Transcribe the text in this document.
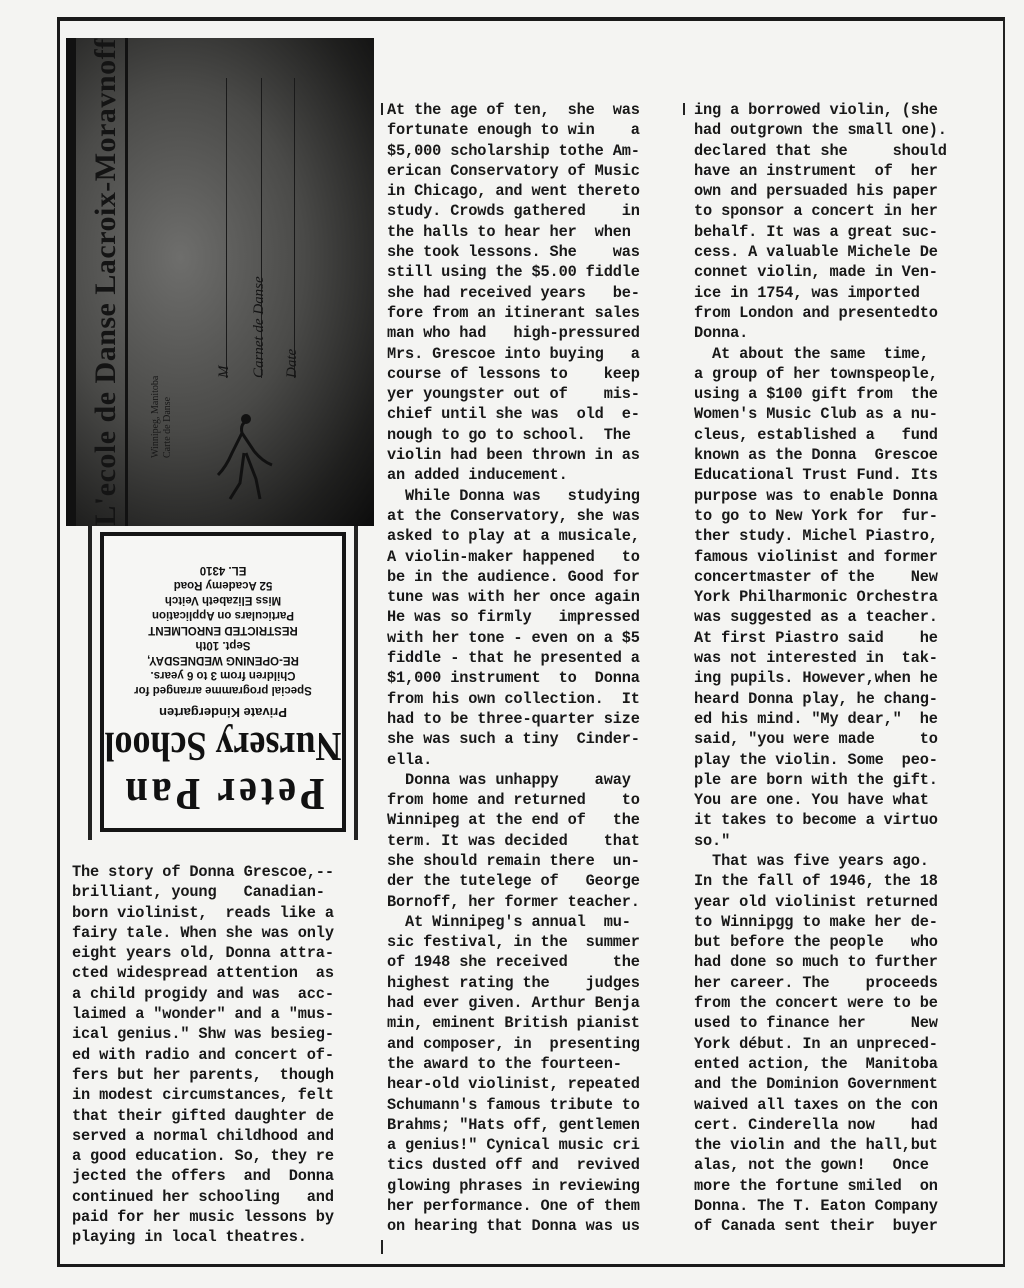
L'ecole de Danse Lacroix-Moravnoff	Winnipeg, Manitoba Carte de Danse
M Carnet de Danse Date
Peter Pan
Nursery School
Private Kindergarten
Special programme arranged for
Children from 3 to 6 years.
RE-OPENING WEDNESDAY,
Sept. 10th
RESTRICTED ENROLMENT
Particulars on Application
Miss Elizabeth Veitch
52 Academy Road
EL. 4310
The story of Donna Grescoe,--
brilliant, young   Canadian-
born violinist,  reads like a
fairy tale. When she was only
eight years old, Donna attra-
cted widespread attention  as
a child progidy and was  acc-
laimed a "wonder" and a "mus-
ical genius." Shw was besieg-
ed with radio and concert of-
fers but her parents,  though
in modest circumstances, felt
that their gifted daughter de
served a normal childhood and
a good education. So, they re
jected the offers  and  Donna
continued her schooling   and
paid for her music lessons by
playing in local theatres.
At the age of ten,  she  was
fortunate enough to win    a
$5,000 scholarship tothe Am-
erican Conservatory of Music
in Chicago, and went thereto
study. Crowds gathered    in
the halls to hear her  when
she took lessons. She    was
still using the $5.00 fiddle
she had received years   be-
fore from an itinerant sales
man who had   high-pressured
Mrs. Grescoe into buying   a
course of lessons to    keep
yer youngster out of    mis-
chief until she was  old  e-
nough to go to school.  The
violin had been thrown in as
an added inducement.
While Donna was   studying
at the Conservatory, she was
asked to play at a musicale,
A violin-maker happened   to
be in the audience. Good for
tune was with her once again
He was so firmly   impressed
with her tone - even on a $5
fiddle - that he presented a
$1,000 instrument  to  Donna
from his own collection.  It
had to be three-quarter size
she was such a tiny  Cinder-
ella.
Donna was unhappy    away
from home and returned    to
Winnipeg at the end of   the
term. It was decided    that
she should remain there  un-
der the tutelege of   George
Bornoff, her former teacher.
At Winnipeg's annual  mu-
sic festival, in the  summer
of 1948 she received     the
highest rating the    judges
had ever given. Arthur Benja
min, eminent British pianist
and composer, in  presenting
the award to the fourteen-
hear-old violinist, repeated
Schumann's famous tribute to
Brahms; "Hats off, gentlemen
a genius!" Cynical music cri
tics dusted off and  revived
glowing phrases in reviewing
her performance. One of them
on hearing that Donna was us
ing a borrowed violin, (she
had outgrown the small one).
declared that she     should
have an instrument  of  her
own and persuaded his paper
to sponsor a concert in her
behalf. It was a great suc-
cess. A valuable Michele De
connet violin, made in Ven-
ice in 1754, was imported
from London and presentedto
Donna.
At about the same  time,
a group of her townspeople,
using a $100 gift from  the
Women's Music Club as a nu-
cleus, established a   fund
known as the Donna  Grescoe
Educational Trust Fund. Its
purpose was to enable Donna
to go to New York for  fur-
ther study. Michel Piastro,
famous violinist and former
concertmaster of the    New
York Philharmonic Orchestra
was suggested as a teacher.
At first Piastro said    he
was not interested in  tak-
ing pupils. However,when he
heard Donna play, he chang-
ed his mind. "My dear,"  he
said, "you were made     to
play the violin. Some  peo-
ple are born with the gift.
You are one. You have what
it takes to become a virtuo
so."
That was five years ago.
In the fall of 1946, the 18
year old violinist returned
to Winnipgg to make her de-
but before the people   who
had done so much to further
her career. The    proceeds
from the concert were to be
used to finance her     New
York début. In an unpreced-
ented action, the  Manitoba
and the Dominion Government
waived all taxes on the con
cert. Cinderella now    had
the violin and the hall,but
alas, not the gown!   Once
more the fortune smiled  on
Donna. The T. Eaton Company
of Canada sent their  buyer
